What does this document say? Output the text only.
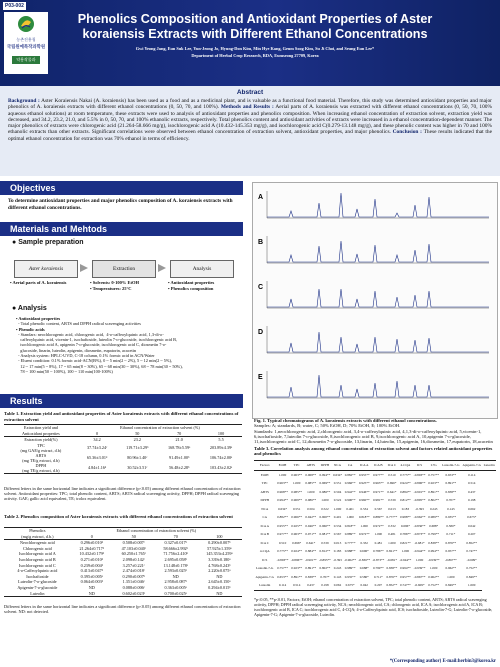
P03-002
농촌진흥청
국립원예특작과학원
약용작물과
Phenolics Composition and Antioxidant Properties of Aster koraiensis Extracts with Different Ethanol Concentrations
Gwi Yeong Jang, Eun Suk Lee, Yun-Jeong Jo, Hyung-Don Kim, Min Hye Kang, Geum Soog Kim, Su Ji Choi, and Seung Eun Lee*
Department of Herbal Crop Research, RDA, Eumseong 27709, Korea
Abstract
Background : Aster Koraiensis Nakai (A. koraiensis) has been used as a food and as a medicinal plant, and is valuable as a functional food material. Therefore, this study was determined antioxidant properties and major phenolics of A. koraiensis extracts with different ethanol concentrations (0, 50, 70, and 100%). Methods and Results : Aerial parts of A. koraiensis was extracted with different ethanol concentrations (0, 50, 70, 100% aqueous ethanol solutions) at room temperature, these extracts were used to analysis of antioxidant properties and phenolics composition. When increasing ethanol concentration of extraction solvent, extraction yield was decreased, and 34.2, 23.2, 21.0, and 5.5% in 0, 50, 70, and 100% ethanolic extracts, respectively. Total phenolics content and antioxidant activities of extracts were increased in a ethanol concentration-dependent manner. The major phenolics of extracts were chlorogenic acid (21.264-58.666 mg/g), isochlorogenic acid A (10.432-145.353 mg/g), and isochlorogenic acid C(0.279-13.148 mg/g), and these phenolic content was higher in 70 and 100% ethanolic extracts than other extracts. Significant correlations were observed between ethanol concentration of extraction solvent, antioxidant properties, and major phenolics. Conclusion : These results indicated that the optimal ethanol concentration for extraction was 70% ethanol in terms of efficiency.
Objectives
To determine antioxidant properties and major phenolics composition of A. koraiensis extracts with different ethanol concentrations.
Materials and Mehtods
● Sample preparation
Aster koraiensis	Extraction	Analysis
• Aerial parts of A. koraiensis	• Solvents: 0-100% EtOH
• Temperatures: 25°C
• Antioxidant properties
• Phenolics composition
● Analysis
• Antioxidant properties
- Total phenolic content, ABTS and DPPH radical scavenging activities
• Phenolic acids
- Standars: neochlorogenic acid, chlorogenic acid,  4-o-caffeoylquinic acid, 1,3-di-o-
caffeoylquinic acid, vicenin-1, isochaftoside, luteolin 7-o-glucoside, isochlorogenic acid B,
isochlorogenic acid A, apigenin 7-o-glucoside, isochlorogenic acid C, diosmetin 7-o-
glucoside, linarin, luteolin, apigenin, diosmetin, eupatorin, acacetin
- Analysis system: HPLC-UVD, C-18 column, 0.1% formic acid in ACN/Water
- Eluent condition: 0.1% formic acid-ACN(B%), 0 ~ 5 min(2 ~ 2%), 5 ~ 12 min(2 ~ 5%),
12 ~ 17 min(5 ~ 8%), 17 ~ 65 min(8 ~ 30%), 65 ~ 68 min(30 ~ 30%), 68 ~ 78 min(30 ~ 50%),
78 ~ 100 min(50 ~ 100%), 100 ~ 110 min(100-100%)
Results
Table 1. Extraction yield and antioxidant properties of Aster koraiensis extracts with different ethanol concentrations of extraction solvent
Extraction yield and	Ethanol concentration of extraction solvent (%)			
Antioxidant properties	0	50	70	100
Extraction yield(%)	34.2	23.2	21.0	5.5
TPC
(mg GAE/g extract, d.b)	37.74±3.24ᶜ	119.71±3.29ᵇ	168.78±5.59ᵃ	203.89±4.39ᵃ
ABTS
(mg TE/g extract, d.b)	65.36±3.01ᵈ	80.96±1.40ᶜ	91.49±1.00ᵇ	106.74±2.00ᵃ
DPPH
(mg TE/g extract, d.b)	4.84±1.16ᵈ	30.52±3.51ᶜ	56.48±2.28ᵇ	103.43±2.02ᵃ
Different letters in the same horizontal line indicates a significant difference (p<0.05) among different ethanol concentration of extraction solvent. Antioxidant properties: TPC; total phenolic content, ABTS; ABTS radical scavenging activity, DPPH; DPPH radical scavenging activity. GAE; gallic acid equivalent, TE; trolox equivalent.
Table 2. Phenolics composition of Aster koraiensis extracts with different ethanol concentrations of extraction solvent
Phenolics	Ethanol concentration of extraction solvent (%)			
(mg/g extract, d.b.)	0	50	70	100
Neochlorogenic acid	0.296±0.010ᵈ	0.508±0.007ᶜ	0.327±0.017ᵇ	0.290±0.007ᵇ
Chlorogenic acid	21.264±0.717ᵈ	47.103±0.040ᶜ	58.666±2.992ᵇ	57.925±1.359ᵃ
Isochlorogenic acid A	10.432±0.179ᵈ	60.250±1.765ᶜ	71.756±2.410ᵇ	145.353±4.259ᵃ
Isochlorogenic acid B	0.271±0.010ᵈ	2.098±0.142ᶜ	2.695±0.058ᵇ	3.339±0.180ᵃ
Isochlorogenic acid C	0.239±0.004ᵈ	3.257±0.221ᶜ	13.148±0.178ᵃ	4.768±0.243ᵇ
4-o-Caffeoylquinic acid	0.413±0.047ᵈ	2.474±0.018ᶜ	2.593±0.025ᵇ	2.220±0.075ᵃ
Isochaftoside	0.395±0.005ᵃ	0.290±0.007ᵇ	ND	ND
Luteolin-7-o-glucoside	0.064±0.003ᵈ	1.351±0.046ᶜ	2.958±0.087ᵇ	2.645±0.150ᵃ
Apigenin-7-o-glucoside	ND	0.088±0.006ᶜ	0.363±0.005ᵃ	0.294±0.015ᵇ
Luteolin	ND	0.602±0.023ᵇ	0.700±0.025ᵃ	ND
Different letters in the same horizontal line indicates a significant difference (p<0.05) among different ethanol concentration of extraction solvent. ND: not detected.
A
B
C
D
E
Fig. 1. Typical chromatograms of A. koraiensis extracts with different ethanol concentrations.
Samples: A; standards, B; water, C; 50% EtOH, D; 70% EtOH, E; 100% EtOH.
Standards: 1,neochlorogenic acid, 2,chlorogenic acid, 3,4-o-caffeoylquinic acid, 4,1,3-di-o-caffeoylquinic acid, 5,vicenin-1, 6,isochaftoside, 7,luteolin 7-o-glucoside, 8,isochlorogenic acid B, 9,isochlorogenic acid A, 10,apigenin 7-o-glucoside, 11,isochlorogenic acid C, 12,diosmetin 7-o-glucoside, 13,linarin, 14,luteolin, 15,apigenin, 16,diosmetin, 17,eupatorin, 18,acacetin
Table 3. Correlation analysis among ethanol concentration of extraction solvent and factors related antioxidant properties and phenolics
Factors	EtOH	TPC	ABTS	DPPH	NCA	CA	ICA A	ICA B	ICA C	4-CQA	ICS	L7G	Luteolin-7-G	Apigenin-7-G	Luteolin
EtOH	1.000	0.963**	0.968**	0.994**	0.634*	0.882**	0.955**	0.977**	0.510	0.775**	-0.893**	0.757**	0.653**	0.114	
TPC	0.963**	1.000	0.985**	0.969**	0.551	0.966**	0.925**	0.963**	0.696*	0.924**	-0.896**	0.923**	0.891**	0.514	
ABTS	0.968**	0.985**	1.000	0.986**	0.504	0.942**	0.946**	0.971**	0.641*	0.884**	-0.901**	0.891**	0.838**	0.437	
DPPH	0.994**	0.969**	0.986**	1.000	0.522	0.900**	0.960**	0.981**	0.539	0.812**	-0.895**	0.802**	0.707*	0.198	
NCA	0.634*	0.551	0.504	0.522	1.000	0.401	0.534	0.567	0.013	0.183	-0.393	0.243	0.143	0.062	
CA	0.882**	0.966**	0.942**	0.900**	0.401	1.000	0.818**	0.889**	0.777**	0.988**	-0.962**	0.989**	0.935**	0.675*	
ICA A	0.955**	0.925**	0.946**	0.960**	0.534	0.818**	1.000	0.972**	0.332	0.696*	-0.836**	0.688*	0.580*	0.042	
ICA B	0.977**	0.963**	0.971**	0.981**	0.567	0.889**	0.972**	1.000	0.481	0.786**	-0.873**	0.799**	0.711*	0.207	
ICA C	0.510	0.696*	0.641*	0.539	0.013	0.777**	0.332	0.481	1.000	0.821**	-0.681*	0.838**	0.876**	0.852**	
4-CQA	0.775**	0.924**	0.884**	0.812**	0.183	0.988**	0.696*	0.786**	0.821**	1.000	-0.944**	0.994**	0.957**	0.747**	
ICS	-0.893**	-0.896**	-0.901**	-0.895**	-0.393	-0.962**	-0.836**	-0.873**	-0.681*	-0.944**	1.000	-0.939**	-0.867**	-0.609*	
Luteolin-7-G	0.757**	0.923**	0.891**	0.802**	0.243	0.989**	0.688*	0.799**	0.838**	0.994**	-0.939**	1.000	0.962**	0.752**	
Apigenin-7-G	0.653**	0.891**	0.838**	0.707*	0.143	0.935**	0.580*	0.711*	0.876**	0.957**	-0.867**	0.962**	1.000	0.849**	
Luteolin	0.114	0.514	0.437	0.198	0.062	0.675*	0.042	0.207	0.852**	0.747**	-0.609*	0.752**	0.849**	1.000	
*p<0.05, **p<0.01, Factors; EtOH; ethanol concentration of extraction solvent, TPC; total phenolic content, ABTS; ABTS radical scavenging activity, DPPH; DPPH radical scavenging activity, NCA; neochlorogenic acid, CA; chlorogenic acid, ICA A; isochlorogenic acid A, ICA B; isochlorogenic acid B, ICA C; isochlorogenic acid C, 4-CQA; 4-o-Caffeoylquinic acid, ICS; isochaftoside, Luteolin-7-G; Luteolin-7-o-glucoside, Apigenin-7-G; Apigenin-7-o-glucoside, Luteolin.
*(Corresponding author) E-mail:herbin3@korea.kr
